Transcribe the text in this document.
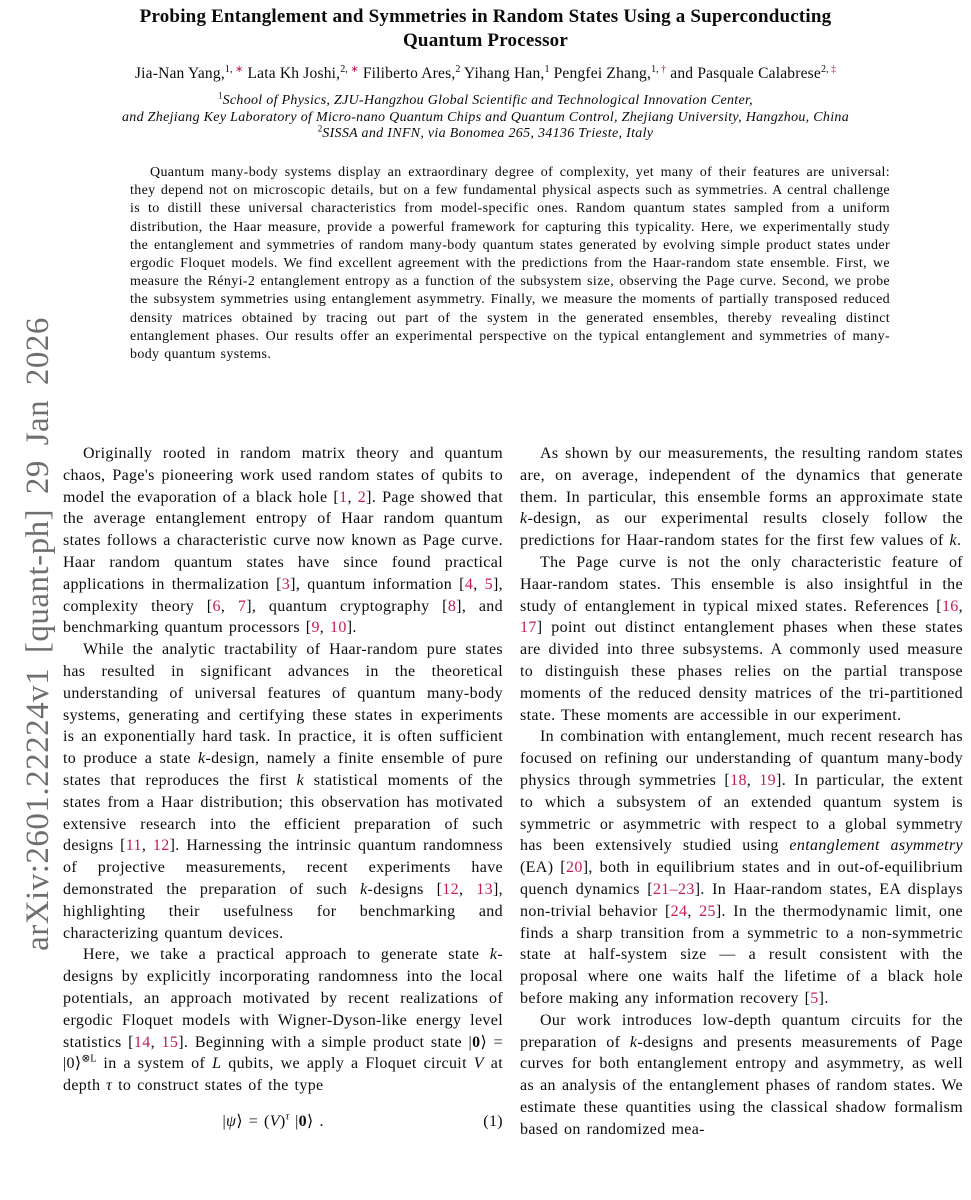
arXiv:2601.22224v1 [quant-ph] 29 Jan 2026
Probing Entanglement and Symmetries in Random States Using a Superconducting Quantum Processor
Jia-Nan Yang,$^{1,}$ ∗ Lata Kh Joshi,$^{2,}$ ∗ Filiberto Ares,$^2$ Yihang Han,$^1$ Pengfei Zhang,$^{1,}$ † and Pasquale Calabrese$^{2,}$ ‡
$^1$School of Physics, ZJU-Hangzhou Global Scientific and Technological Innovation Center,
and Zhejiang Key Laboratory of Micro-nano Quantum Chips and Quantum Control, Zhejiang University, Hangzhou, China
$^2$SISSA and INFN, via Bonomea 265, 34136 Trieste, Italy

Quantum many-body systems display an extraordinary degree of complexity, yet many of their features are universal: they depend not on microscopic details, but on a few fundamental physical aspects such as symmetries. A central challenge is to distill these universal characteristics from model-specific ones. Random quantum states sampled from a uniform distribution, the Haar measure, provide a powerful framework for capturing this typicality. Here, we experimentally study the entanglement and symmetries of random many-body quantum states generated by evolving simple product states under ergodic Floquet models. We find excellent agreement with the predictions from the Haar-random state ensemble. First, we measure the Rényi-2 entanglement entropy as a function of the subsystem size, observing the Page curve. Second, we probe the subsystem symmetries using entanglement asymmetry. Finally, we measure the moments of partially transposed reduced density matrices obtained by tracing out part of the system in the generated ensembles, thereby revealing distinct entanglement phases. Our results offer an experimental perspective on the typical entanglement and symmetries of many-body quantum systems.

Originally rooted in random matrix theory and quantum chaos, Page's pioneering work used random states of qubits to model the evaporation of a black hole [1, 2]. Page showed that the average entanglement entropy of Haar random quantum states follows a characteristic curve now known as Page curve. Haar random quantum states have since found practical applications in thermalization [3], quantum information [4, 5], complexity theory [6, 7], quantum cryptography [8], and benchmarking quantum processors [9, 10].

While the analytic tractability of Haar-random pure states has resulted in significant advances in the theoretical understanding of universal features of quantum many-body systems, generating and certifying these states in experiments is an exponentially hard task. In practice, it is often sufficient to produce a state k-design, namely a finite ensemble of pure states that reproduces the first k statistical moments of the states from a Haar distribution; this observation has motivated extensive research into the efficient preparation of such designs [11, 12]. Harnessing the intrinsic quantum randomness of projective measurements, recent experiments have demonstrated the preparation of such k-designs [12, 13], highlighting their usefulness for benchmarking and characterizing quantum devices.

Here, we take a practical approach to generate state k-designs by explicitly incorporating randomness into the local potentials, an approach motivated by recent realizations of ergodic Floquet models with Wigner-Dyson-like energy level statistics [14, 15]. Beginning with a simple product state |0⟩ = |0⟩$^{\otimes L}$ in a system of L qubits, we apply a Floquet circuit V at depth τ to construct states of the type

|ψ⟩ = $(V)^\tau$ |0⟩ .	(1)

As shown by our measurements, the resulting random states are, on average, independent of the dynamics that generate them. In particular, this ensemble forms an approximate state k-design, as our experimental results closely follow the predictions for Haar-random states for the first few values of k.

The Page curve is not the only characteristic feature of Haar-random states. This ensemble is also insightful in the study of entanglement in typical mixed states. References [16, 17] point out distinct entanglement phases when these states are divided into three subsystems. A commonly used measure to distinguish these phases relies on the partial transpose moments of the reduced density matrices of the tri-partitioned state. These moments are accessible in our experiment.

In combination with entanglement, much recent research has focused on refining our understanding of quantum many-body physics through symmetries [18, 19]. In particular, the extent to which a subsystem of an extended quantum system is symmetric or asymmetric with respect to a global symmetry has been extensively studied using entanglement asymmetry (EA) [20], both in equilibrium states and in out-of-equilibrium quench dynamics [21–23]. In Haar-random states, EA displays non-trivial behavior [24, 25]. In the thermodynamic limit, one finds a sharp transition from a symmetric to a non-symmetric state at half-system size — a result consistent with the proposal where one waits half the lifetime of a black hole before making any information recovery [5].

Our work introduces low-depth quantum circuits for the preparation of k-designs and presents measurements of Page curves for both entanglement entropy and asymmetry, as well as an analysis of the entanglement phases of random states. We estimate these quantities using the classical shadow formalism based on randomized mea-
